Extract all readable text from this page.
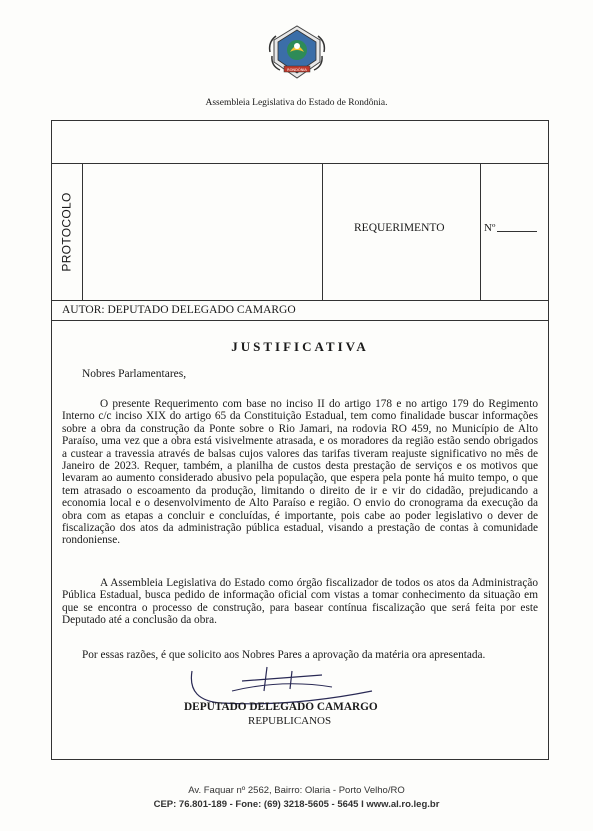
RONDÔNIA
Assembleia Legislativa do Estado de Rondônia.
PROTOCOLO	REQUERIMENTO	Nº
AUTOR: DEPUTADO DELEGADO CAMARGO
JUSTIFICATIVA
Nobres Parlamentares,
O presente Requerimento com base no inciso II do artigo 178 e no artigo 179 do Regimento Interno c/c inciso XIX do artigo 65 da Constituição Estadual, tem como finalidade buscar informações sobre a obra da construção da Ponte sobre o Rio Jamari, na rodovia RO 459, no Município de Alto Paraíso, uma vez que a obra está visivelmente atrasada, e os moradores da região estão sendo obrigados a custear a travessia através de balsas cujos valores das tarifas tiveram reajuste significativo no mês de Janeiro de 2023. Requer, também, a planilha de custos desta prestação de serviços e os motivos que levaram ao aumento considerado abusivo pela população, que espera pela ponte há muito tempo, o que tem atrasado o escoamento da produção, limitando o direito de ir e vir do cidadão, prejudicando a economia local e o desenvolvimento de Alto Paraíso e região. O envio do cronograma da execução da obra com as etapas a concluir e concluídas, é importante, pois cabe ao poder legislativo o dever de fiscalização dos atos da administração pública estadual, visando a prestação de contas à comunidade rondoniense.
A Assembleia Legislativa do Estado como órgão fiscalizador de todos os atos da Administração Pública Estadual, busca pedido de informação oficial com vistas a tomar conhecimento da situação em que se encontra o processo de construção, para basear contínua fiscalização que será feita por este Deputado até a conclusão da obra.
Por essas razões, é que solicito aos Nobres Pares a aprovação da matéria ora apresentada.
DEPUTADO DELEGADO CAMARGO
REPUBLICANOS
Av. Faquar nº 2562, Bairro: Olaria - Porto Velho/RO
CEP: 76.801-189 - Fone: (69) 3218-5605 - 5645 I www.al.ro.leg.br
